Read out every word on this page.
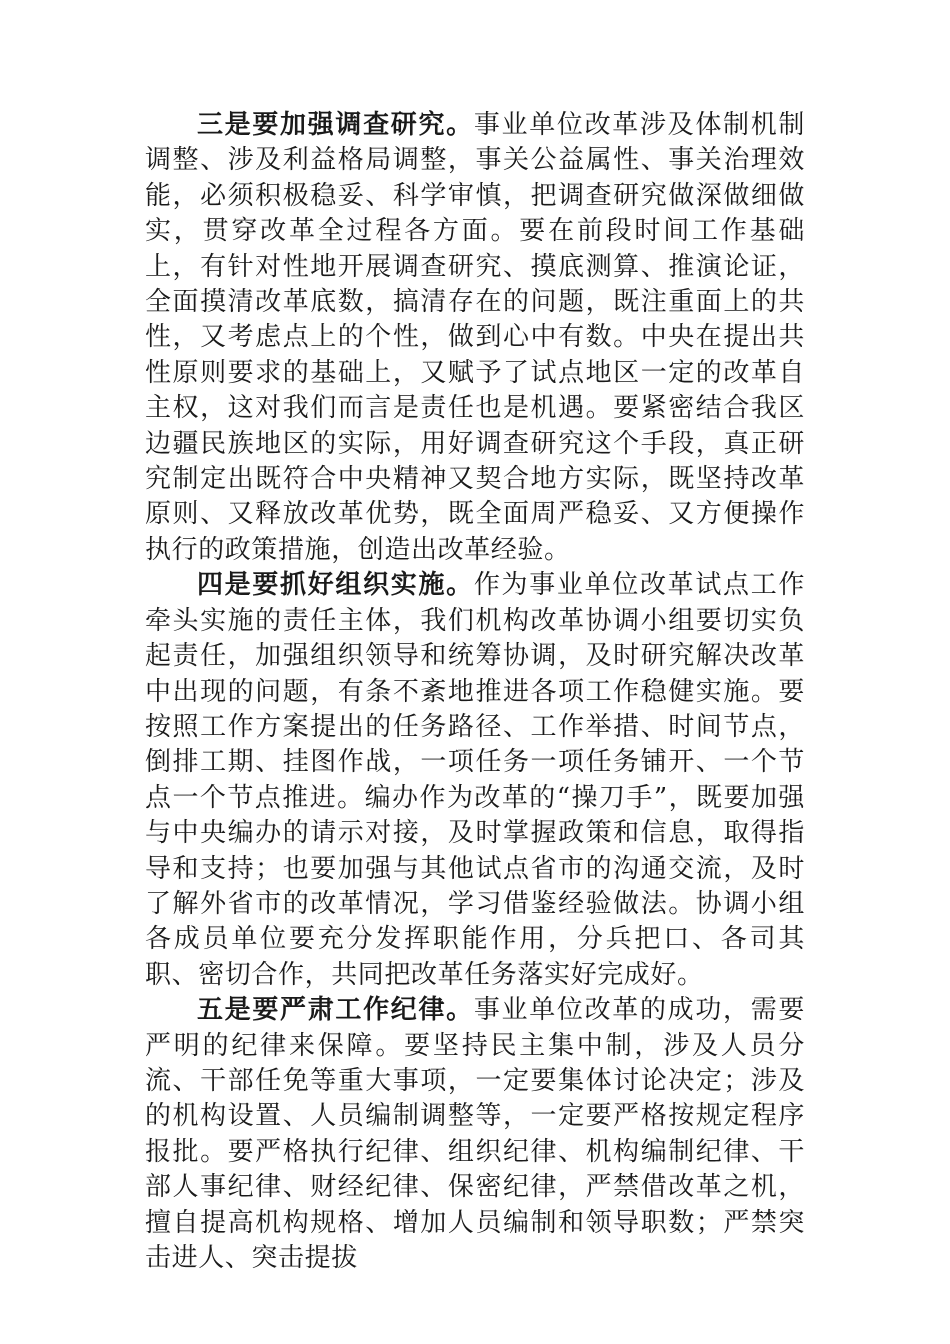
三是要加强调查研究。事业单位改革涉及体制机制调整、涉及利益格局调整，事关公益属性、事关治理效能，必须积极稳妥、科学审慎，把调查研究做深做细做实，贯穿改革全过程各方面。要在前段时间工作基础上，有针对性地开展调查研究、摸底测算、推演论证，全面摸清改革底数，搞清存在的问题，既注重面上的共性，又考虑点上的个性，做到心中有数。中央在提出共性原则要求的基础上，又赋予了试点地区一定的改革自主权，这对我们而言是责任也是机遇。要紧密结合我区边疆民族地区的实际，用好调查研究这个手段，真正研究制定出既符合中央精神又契合地方实际，既坚持改革原则、又释放改革优势，既全面周严稳妥、又方便操作执行的政策措施，创造出改革经验。

四是要抓好组织实施。作为事业单位改革试点工作牵头实施的责任主体，我们机构改革协调小组要切实负起责任，加强组织领导和统筹协调，及时研究解决改革中出现的问题，有条不紊地推进各项工作稳健实施。要按照工作方案提出的任务路径、工作举措、时间节点，倒排工期、挂图作战，一项任务一项任务铺开、一个节点一个节点推进。编办作为改革的“操刀手”，既要加强与中央编办的请示对接，及时掌握政策和信息，取得指导和支持；也要加强与其他试点省市的沟通交流，及时了解外省市的改革情况，学习借鉴经验做法。协调小组各成员单位要充分发挥职能作用，分兵把口、各司其职、密切合作，共同把改革任务落实好完成好。

五是要严肃工作纪律。事业单位改革的成功，需要严明的纪律来保障。要坚持民主集中制，涉及人员分流、干部任免等重大事项，一定要集体讨论决定；涉及的机构设置、人员编制调整等，一定要严格按规定程序报批。要严格执行纪律、组织纪律、机构编制纪律、干部人事纪律、财经纪律、保密纪律，严禁借改革之机，擅自提高机构规格、增加人员编制和领导职数；严禁突击进人、突击提拔
